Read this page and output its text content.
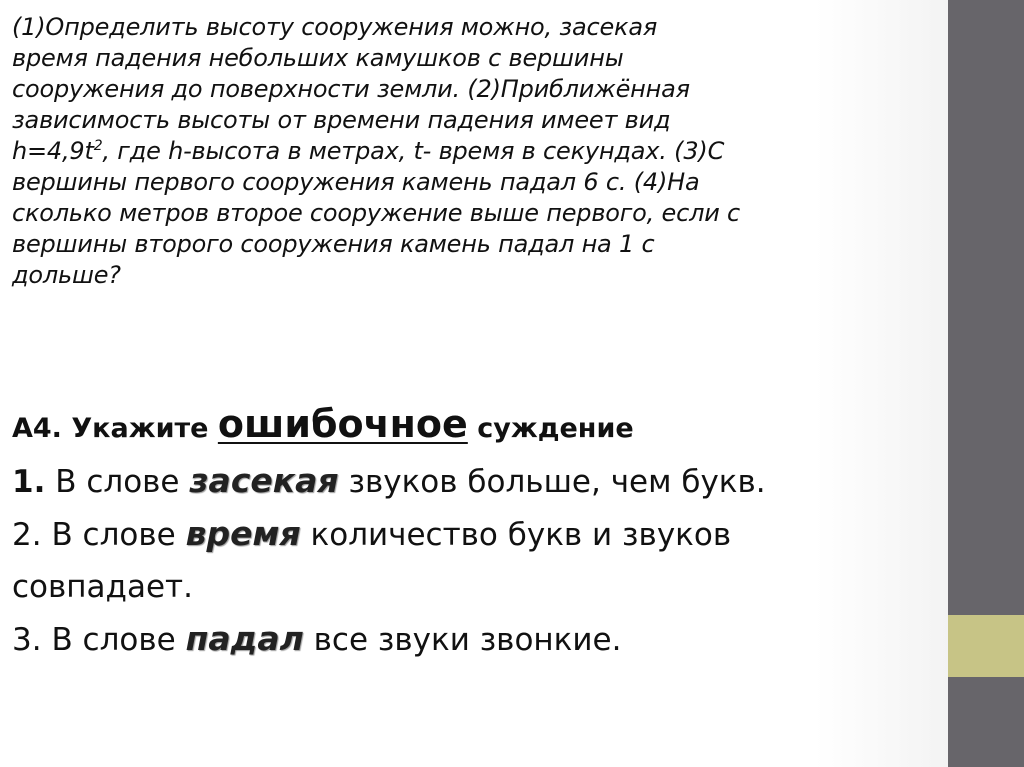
(1)Определить высоту сооружения можно, засекая
время падения небольших камушков с вершины
сооружения до поверхности земли. (2)Приближённая
зависимость высоты от времени падения имеет вид
$h=4,9t^2$, где h-высота в метрах, t- время в секундах. (3)С
вершины первого сооружения камень падал 6 с. (4)На
сколько метров второе сооружение выше первого, если с
вершины второго сооружения камень падал на 1 с
дольше?

А4. Укажите ошибочное суждение

1. В слове засекая звуков больше, чем букв.

2. В слове время количество букв и звуков
совпадает.

3. В слове падал все звуки звонкие.
